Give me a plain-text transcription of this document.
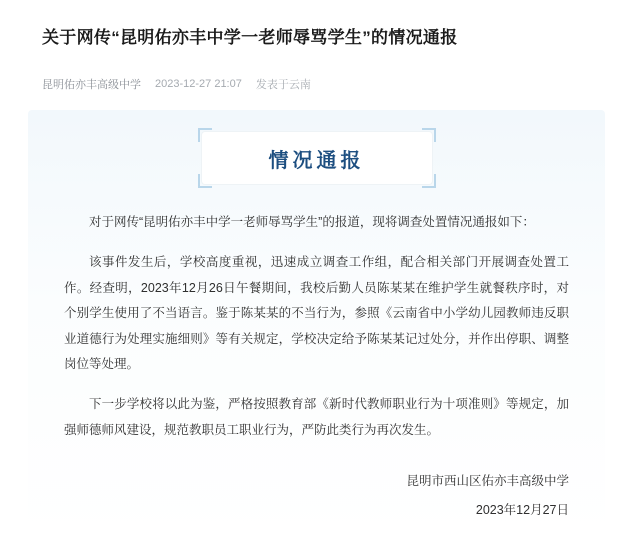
关于网传“昆明佑亦丰中学一老师辱骂学生”的情况通报
昆明佑亦丰高级中学 2023-12-27 21:07 发表于云南
情况通报

对于网传“昆明佑亦丰中学一老师辱骂学生”的报道，现将调查处置情况通报如下：

该事件发生后，学校高度重视，迅速成立调查工作组，配合相关部门开展调查处置工作。经查明，2023年12月26日午餐期间，我校后勤人员陈某某在维护学生就餐秩序时，对个别学生使用了不当语言。鉴于陈某某的不当行为，参照《云南省中小学幼儿园教师违反职业道德行为处理实施细则》等有关规定，学校决定给予陈某某记过处分，并作出停职、调整岗位等处理。

下一步学校将以此为鉴，严格按照教育部《新时代教师职业行为十项准则》等规定，加强师德师风建设，规范教职员工职业行为，严防此类行为再次发生。

昆明市西山区佑亦丰高级中学
2023年12月27日
